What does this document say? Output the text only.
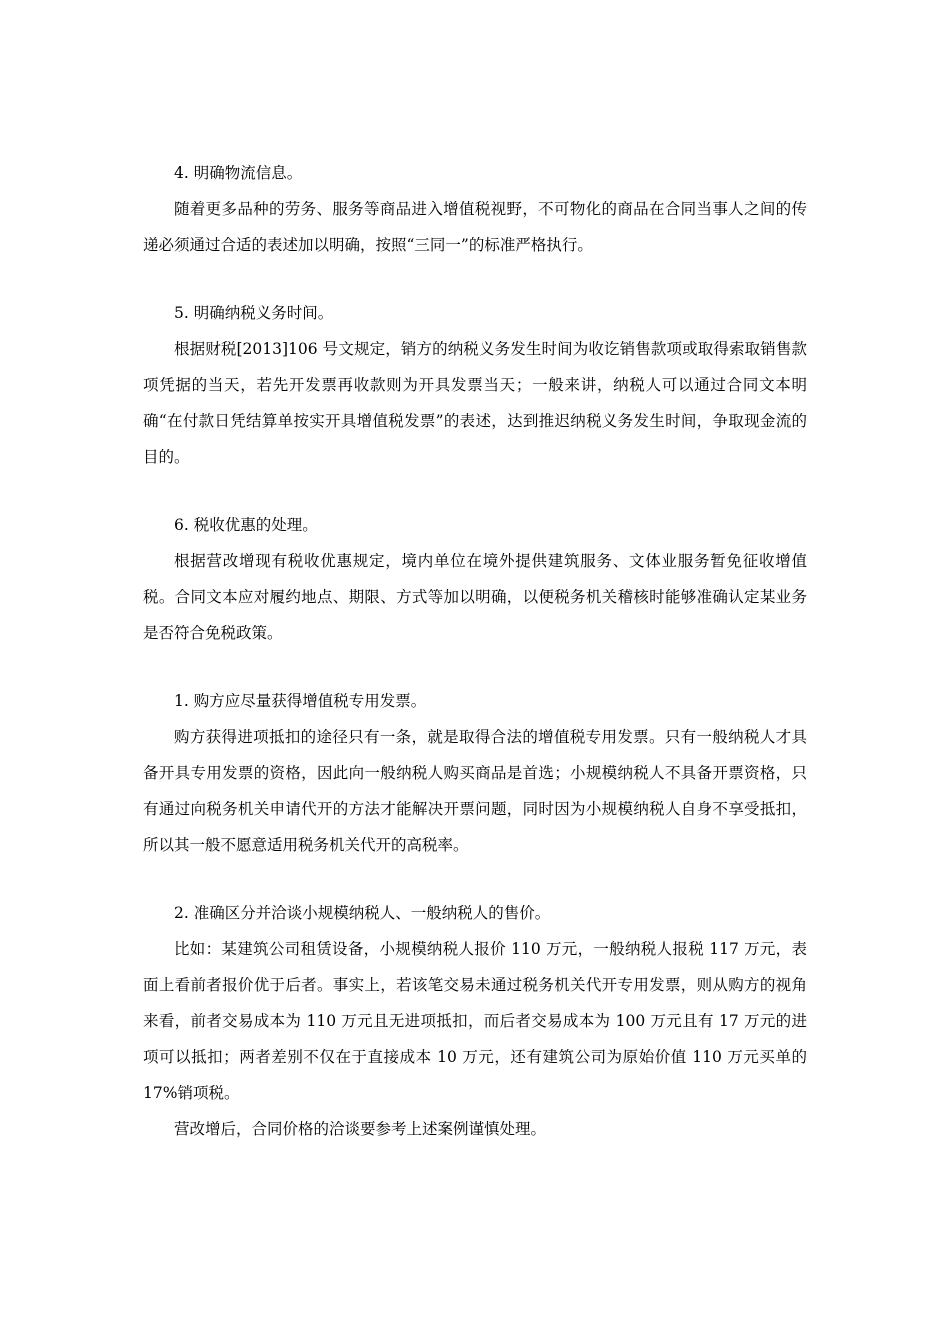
4. 明确物流信息。

随着更多品种的劳务、服务等商品进入增值税视野，不可物化的商品在合同当事人之间的传递必须通过合适的表述加以明确，按照“三同一”的标准严格执行。

5. 明确纳税义务时间。

根据财税[2013]106 号文规定，销方的纳税义务发生时间为收讫销售款项或取得索取销售款项凭据的当天，若先开发票再收款则为开具发票当天；一般来讲，纳税人可以通过合同文本明确“在付款日凭结算单按实开具增值税发票”的表述，达到推迟纳税义务发生时间，争取现金流的目的。

6. 税收优惠的处理。

根据营改增现有税收优惠规定，境内单位在境外提供建筑服务、文体业服务暂免征收增值税。合同文本应对履约地点、期限、方式等加以明确，以便税务机关稽核时能够准确认定某业务是否符合免税政策。

1. 购方应尽量获得增值税专用发票。

购方获得进项抵扣的途径只有一条，就是取得合法的增值税专用发票。只有一般纳税人才具备开具专用发票的资格，因此向一般纳税人购买商品是首选；小规模纳税人不具备开票资格，只有通过向税务机关申请代开的方法才能解决开票问题，同时因为小规模纳税人自身不享受抵扣，所以其一般不愿意适用税务机关代开的高税率。

2. 准确区分并洽谈小规模纳税人、一般纳税人的售价。

比如：某建筑公司租赁设备，小规模纳税人报价 110 万元，一般纳税人报税 117 万元，表面上看前者报价优于后者。事实上，若该笔交易未通过税务机关代开专用发票，则从购方的视角来看，前者交易成本为 110 万元且无进项抵扣，而后者交易成本为 100 万元且有 17 万元的进项可以抵扣；两者差别不仅在于直接成本 10 万元，还有建筑公司为原始价值 110 万元买单的 17%销项税。

营改增后，合同价格的洽谈要参考上述案例谨慎处理。
